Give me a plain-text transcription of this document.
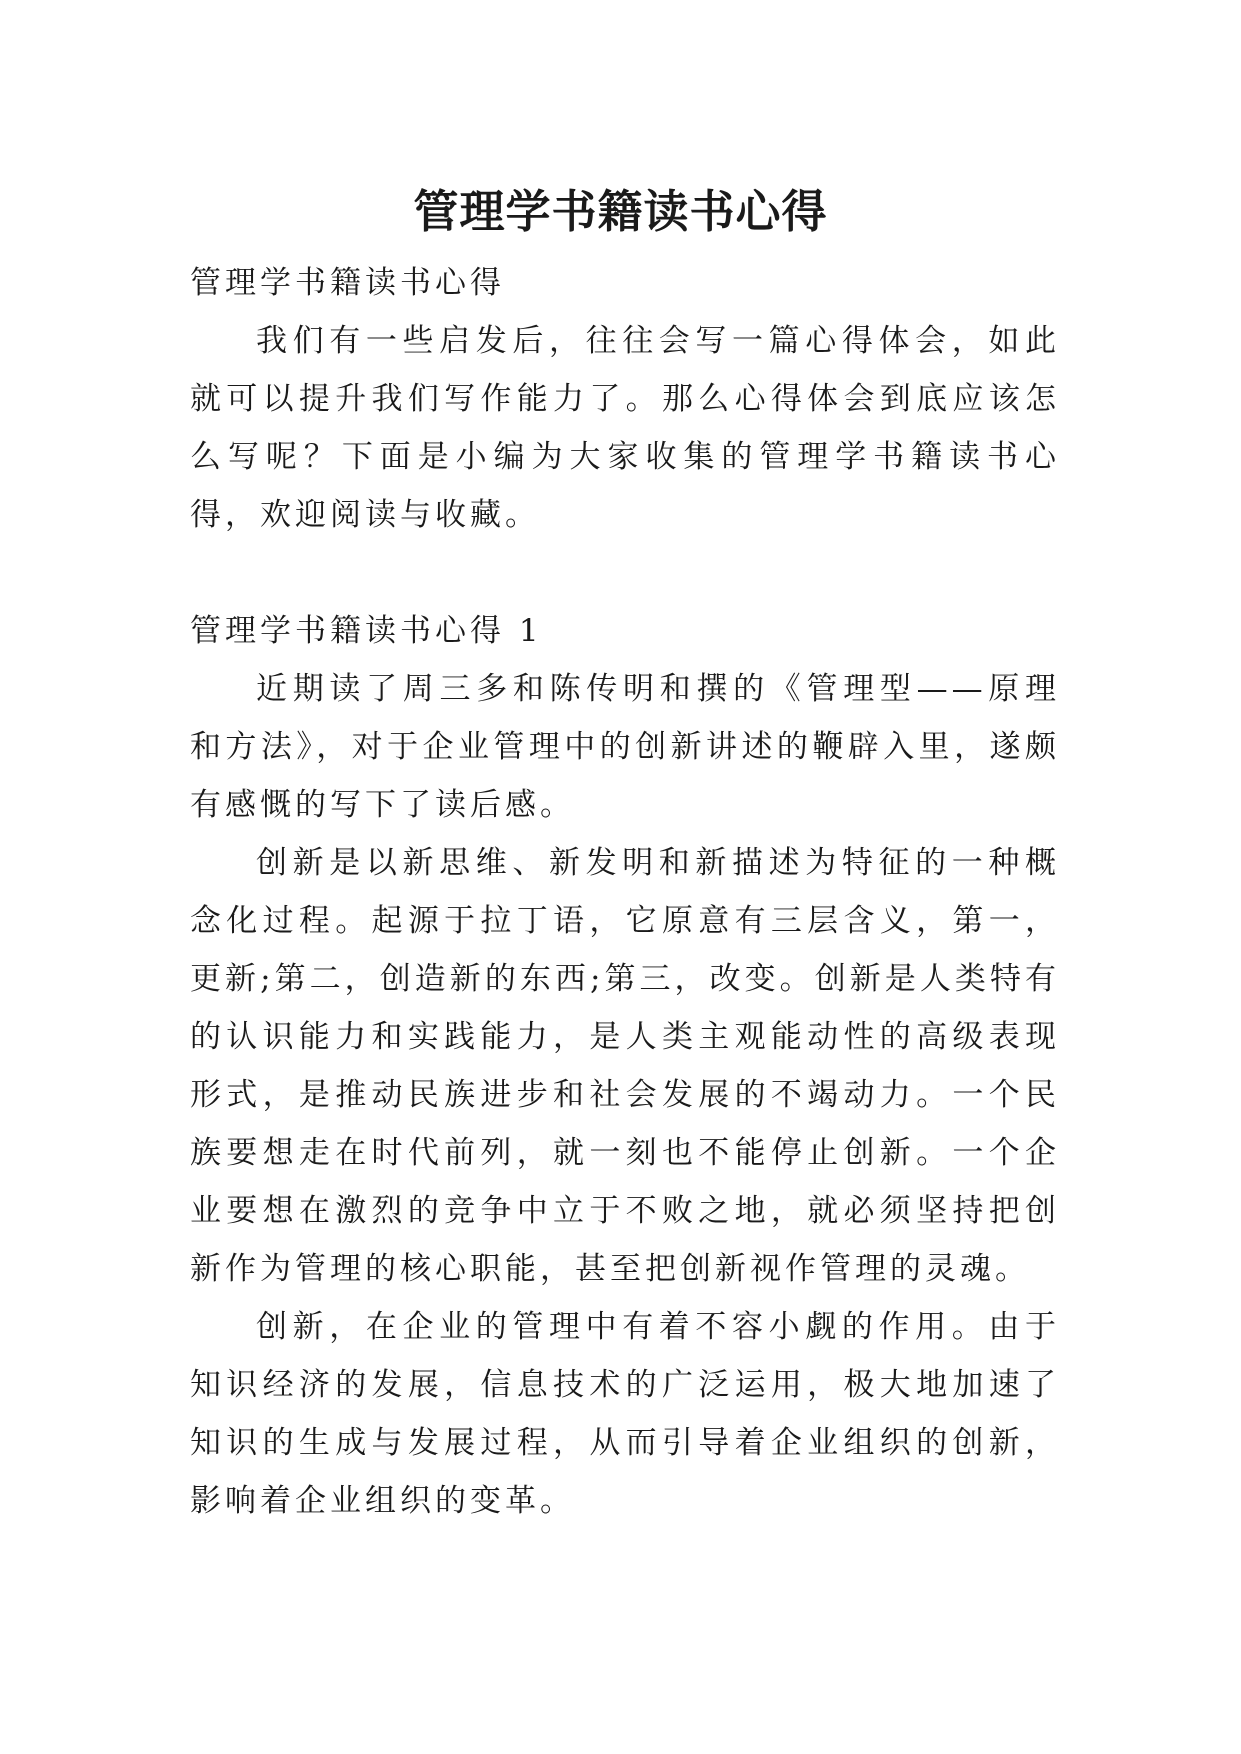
管理学书籍读书心得

管理学书籍读书心得

我们有一些启发后，往往会写一篇心得体会，如此就可以提升我们写作能力了。那么心得体会到底应该怎么写呢？下面是小编为大家收集的管理学书籍读书心得，欢迎阅读与收藏。

管理学书籍读书心得 1

近期读了周三多和陈传明和撰的《管理型——原理和方法》，对于企业管理中的创新讲述的鞭辟入里，遂颇有感慨的写下了读后感。

创新是以新思维、新发明和新描述为特征的一种概念化过程。起源于拉丁语，它原意有三层含义，第一，更新;第二，创造新的东西;第三，改变。创新是人类特有的认识能力和实践能力，是人类主观能动性的高级表现形式，是推动民族进步和社会发展的不竭动力。一个民族要想走在时代前列，就一刻也不能停止创新。一个企业要想在激烈的竞争中立于不败之地，就必须坚持把创新作为管理的核心职能，甚至把创新视作管理的灵魂。

创新，在企业的管理中有着不容小觑的作用。由于知识经济的发展，信息技术的广泛运用，极大地加速了知识的生成与发展过程，从而引导着企业组织的创新，影响着企业组织的变革。
